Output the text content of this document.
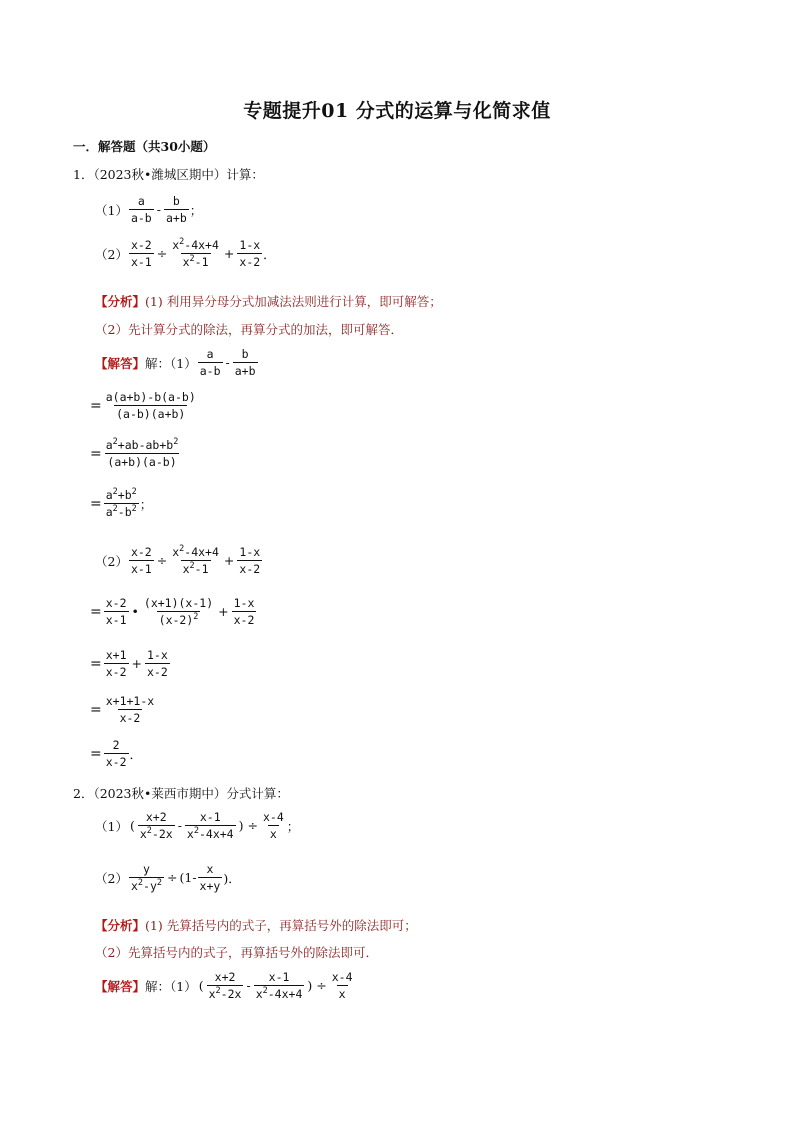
专题提升01 分式的运算与化简求值
一．解答题（共30小题）
1．（2023秋•潍城区期中）计算：
$(1) \frac{a}{a-b} - \frac{b}{a+b}$ ；
$(2) \frac{x-2}{x-1} \div \frac{x^2-4x+4}{x^2-1} + \frac{1-x}{x-2}$ ．
【分析】(1) 利用异分母分式加减法法则进行计算，即可解答；
（2）先计算分式的除法，再算分式的加法，即可解答．
【解答】 解：$(1) \frac{a}{a-b} - \frac{b}{a+b}$
= $\frac{a(a+b)-b(a-b)}{(a-b)(a+b)}$
= $\frac{a^2+ab-ab+b^2}{(a+b)(a-b)}$
= $\frac{a^2+b^2}{a^2-b^2}$ ；
$(2) \frac{x-2}{x-1} \div \frac{x^2-4x+4}{x^2-1} + \frac{1-x}{x-2}$
= $\frac{x-2}{x-1}$ • $\frac{(x+1)(x-1)}{(x-2)^2} + \frac{1-x}{x-2}$
= $\frac{x+1}{x-2} + \frac{1-x}{x-2}$
= $\frac{x+1+1-x}{x-2}$
= $\frac{2}{x-2}$ ．
2．（2023秋•莱西市期中）分式计算：
（1） ( $\frac{x+2}{x^2-2x} - \frac{x-1}{x^2-4x+4}$ ) ÷ $\frac{x-4}{x}$ ；
$(2) \frac{y}{x^2-y^2} \div (1- \frac{x}{x+y}$ )．
【分析】(1) 先算括号内的式子，再算括号外的除法即可；
（2）先算括号内的式子，再算括号外的除法即可．
【解答】 解：（1） ( $\frac{x+2}{x^2-2x} - \frac{x-1}{x^2-4x+4}$ ) ÷ $\frac{x-4}{x}$
